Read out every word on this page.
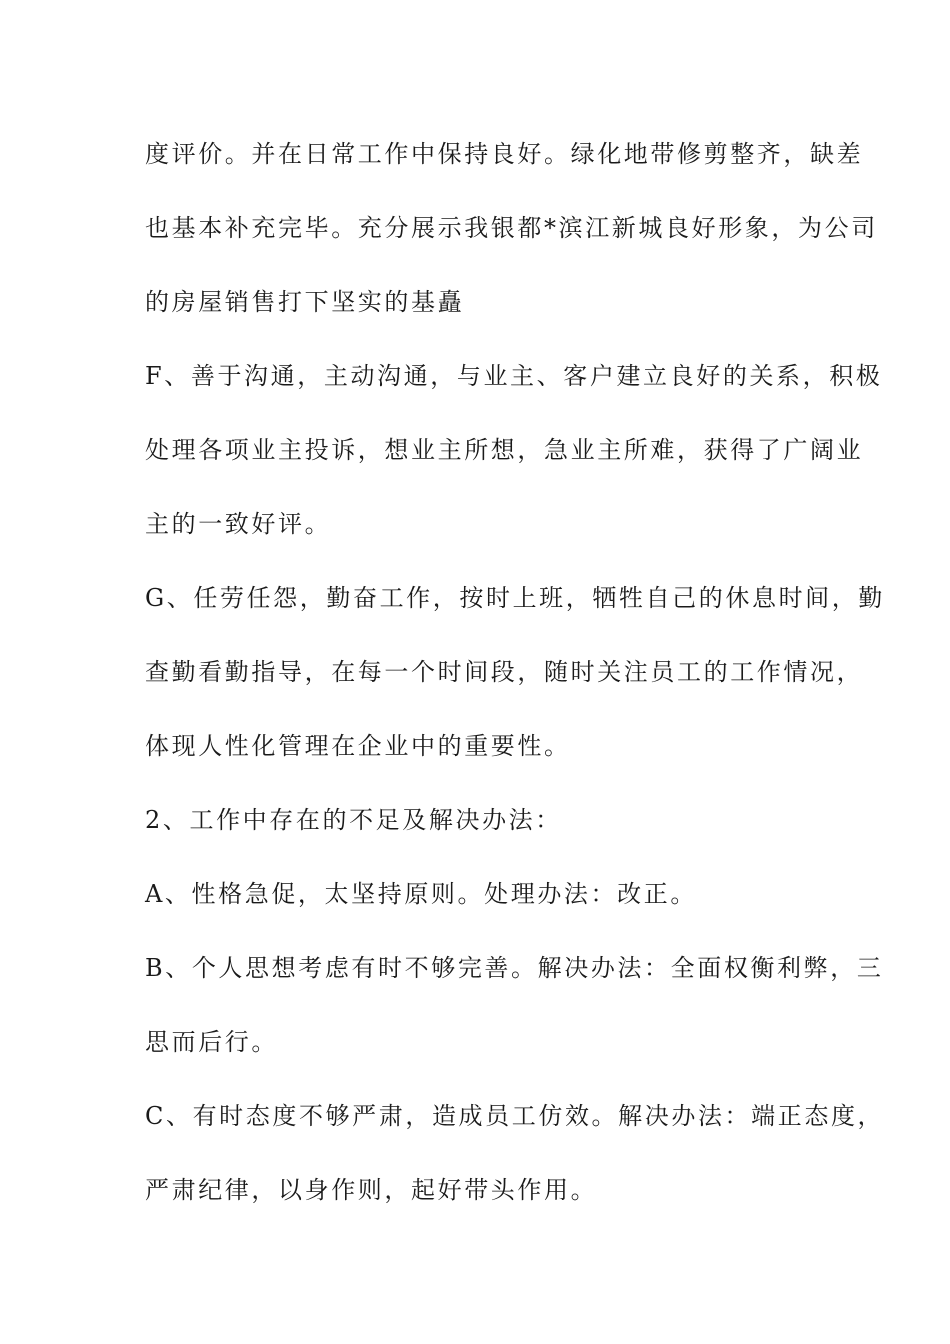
度评价。并在日常工作中保持良好。绿化地带修剪整齐，缺差
也基本补充完毕。充分展示我银都*滨江新城良好形象，为公司
的房屋销售打下坚实的基矗
F、善于沟通，主动沟通，与业主、客户建立良好的关系，积极
处理各项业主投诉，想业主所想，急业主所难，获得了广阔业
主的一致好评。
G、任劳任怨，勤奋工作，按时上班，牺牲自己的休息时间，勤
查勤看勤指导，在每一个时间段，随时关注员工的工作情况，
体现人性化管理在企业中的重要性。
2、工作中存在的不足及解决办法：
A、性格急促，太坚持原则。处理办法：改正。
B、个人思想考虑有时不够完善。解决办法：全面权衡利弊，三
思而后行。
C、有时态度不够严肃，造成员工仿效。解决办法：端正态度，
严肃纪律，以身作则，起好带头作用。
